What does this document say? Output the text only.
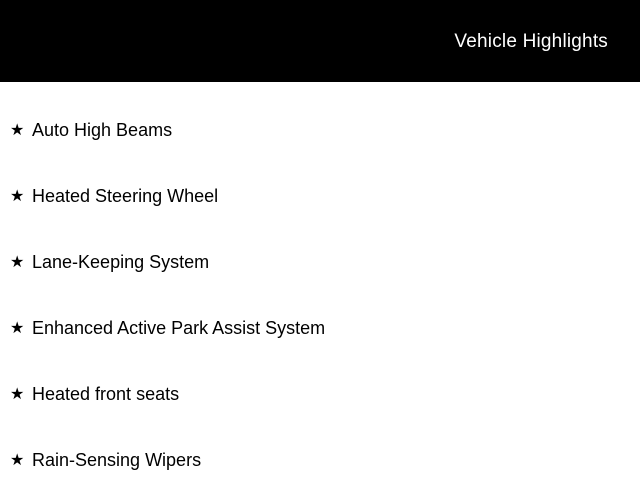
Vehicle Highlights
★ Auto High Beams
★ Heated Steering Wheel
★ Lane-Keeping System
★ Enhanced Active Park Assist System
★ Heated front seats
★ Rain-Sensing Wipers
